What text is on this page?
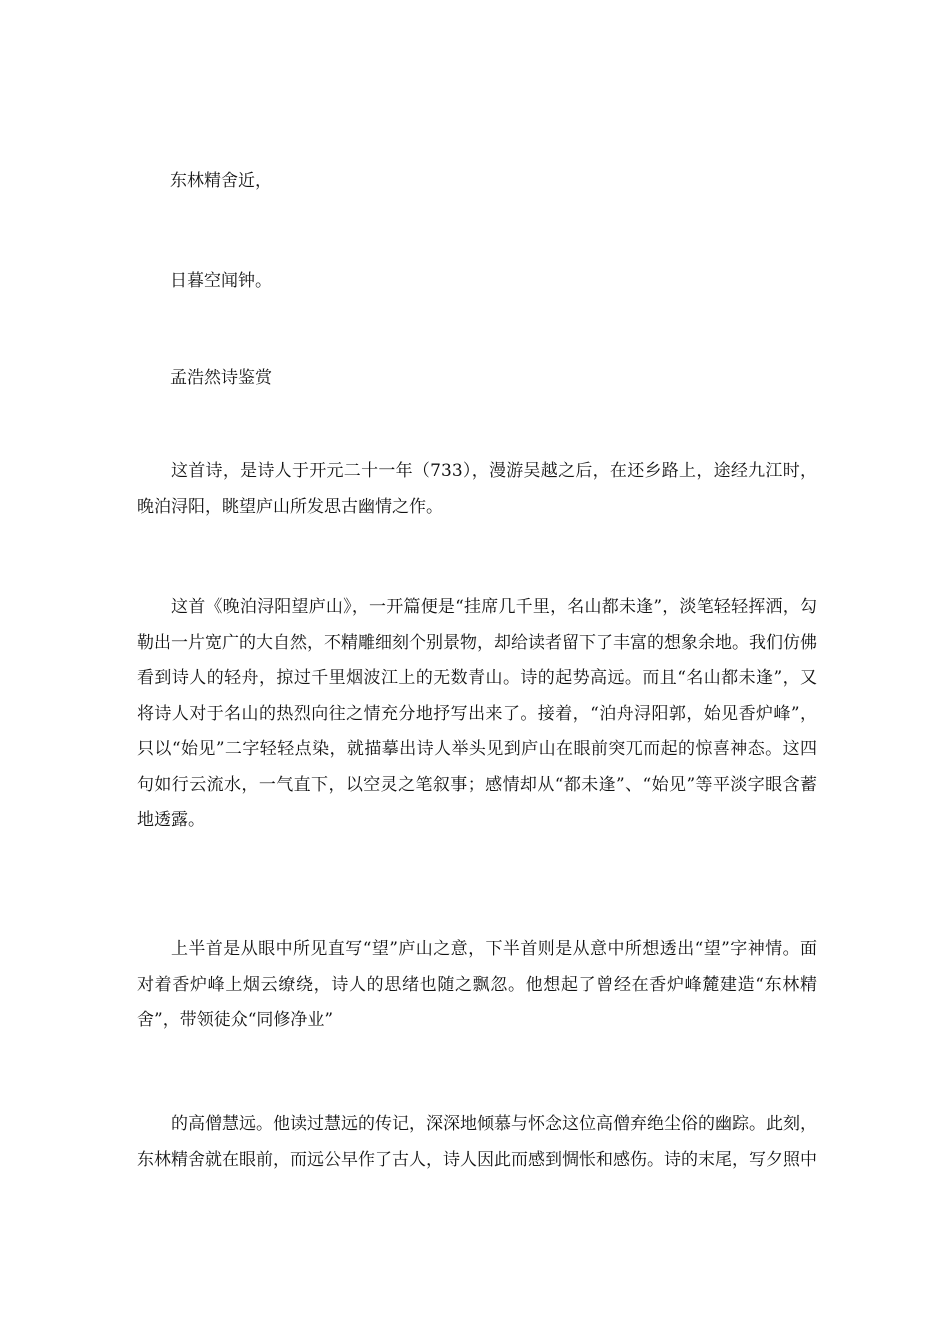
东林精舍近，

日暮空闻钟。

孟浩然诗鉴赏

这首诗，是诗人于开元二十一年（733），漫游吴越之后，在还乡路上，途经九江时，晚泊浔阳，眺望庐山所发思古幽情之作。

这首《晚泊浔阳望庐山》，一开篇便是“挂席几千里，名山都未逢”，淡笔轻轻挥洒，勾勒出一片宽广的大自然，不精雕细刻个别景物，却给读者留下了丰富的想象余地。我们仿佛看到诗人的轻舟，掠过千里烟波江上的无数青山。诗的起势高远。而且“名山都未逢”，又将诗人对于名山的热烈向往之情充分地抒写出来了。接着，“泊舟浔阳郭，始见香炉峰”，只以“始见”二字轻轻点染，就描摹出诗人举头见到庐山在眼前突兀而起的惊喜神态。这四句如行云流水，一气直下，以空灵之笔叙事；感情却从“都未逢”、“始见”等平淡字眼含蓄地透露。

上半首是从眼中所见直写“望”庐山之意，下半首则是从意中所想透出“望”字神情。面对着香炉峰上烟云缭绕，诗人的思绪也随之飘忽。他想起了曾经在香炉峰麓建造“东林精舍”，带领徒众“同修净业”

的高僧慧远。他读过慧远的传记，深深地倾慕与怀念这位高僧弃绝尘俗的幽踪。此刻，东林精舍就在眼前，而远公早作了古人，诗人因此而感到惆怅和感伤。诗的末尾，写夕照中
